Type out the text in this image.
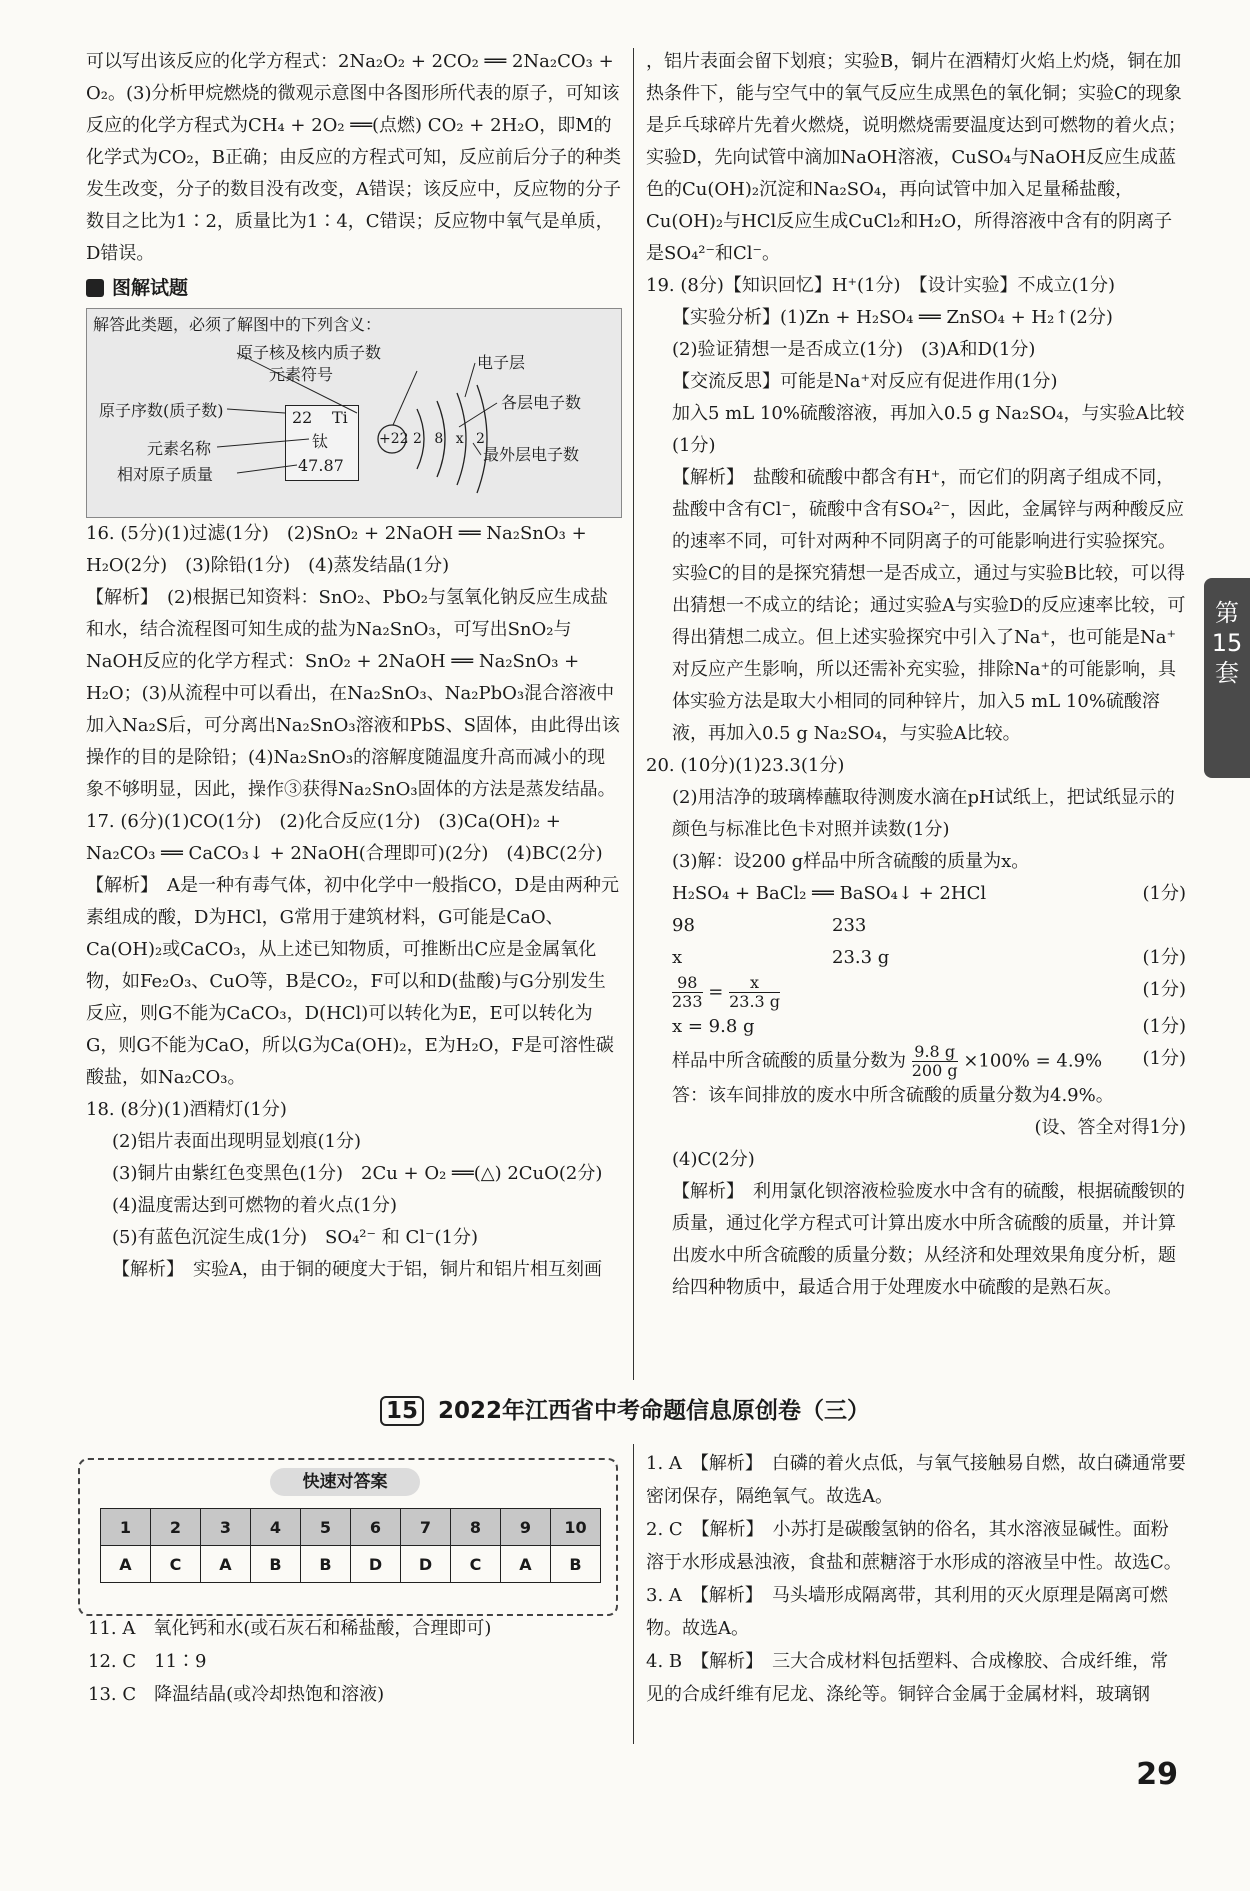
可以写出该反应的化学方程式：2Na₂O₂ + 2CO₂ ══ 2Na₂CO₃ + O₂。(3)分析甲烷燃烧的微观示意图中各图形所代表的原子，可知该反应的化学方程式为CH₄ + 2O₂ ══(点燃) CO₂ + 2H₂O，即M的化学式为CO₂，B正确；由反应的方程式可知，反应前后分子的种类发生改变，分子的数目没有改变，A错误；该反应中，反应物的分子数目之比为1∶2，质量比为1∶4，C错误；反应物中氧气是单质，D错误。

图解试题
解答此类题，必须了解图中的下列含义：
原子核及核内质子数
元素符号
原子序数(质子数)
元素名称
相对原子质量
电子层
各层电子数
最外层电子数
22 Ti
钛
47.87
+22 2 8 x 2

16. (5分)(1)过滤(1分)　(2)SnO₂ + 2NaOH ══ Na₂SnO₃ + H₂O(2分)　(3)除铅(1分)　(4)蒸发结晶(1分)

【解析】　(2)根据已知资料：SnO₂、PbO₂与氢氧化钠反应生成盐和水，结合流程图可知生成的盐为Na₂SnO₃，可写出SnO₂与NaOH反应的化学方程式：SnO₂ + 2NaOH ══ Na₂SnO₃ + H₂O；(3)从流程中可以看出，在Na₂SnO₃、Na₂PbO₃混合溶液中加入Na₂S后，可分离出Na₂SnO₃溶液和PbS、S固体，由此得出该操作的目的是除铅；(4)Na₂SnO₃的溶解度随温度升高而减小的现象不够明显，因此，操作③获得Na₂SnO₃固体的方法是蒸发结晶。

17. (6分)(1)CO(1分)　(2)化合反应(1分)　(3)Ca(OH)₂ + Na₂CO₃ ══ CaCO₃↓ + 2NaOH(合理即可)(2分)　(4)BC(2分)

【解析】　A是一种有毒气体，初中化学中一般指CO，D是由两种元素组成的酸，D为HCl，G常用于建筑材料，G可能是CaO、Ca(OH)₂或CaCO₃，从上述已知物质，可推断出C应是金属氧化物，如Fe₂O₃、CuO等，B是CO₂，F可以和D(盐酸)与G分别发生反应，则G不能为CaCO₃，D(HCl)可以转化为E，E可以转化为G，则G不能为CaO，所以G为Ca(OH)₂，E为H₂O，F是可溶性碳酸盐，如Na₂CO₃。

18. (8分)(1)酒精灯(1分)

(2)铝片表面出现明显划痕(1分)

(3)铜片由紫红色变黑色(1分)　2Cu + O₂ ══(△) 2CuO(2分)

(4)温度需达到可燃物的着火点(1分)

(5)有蓝色沉淀生成(1分)　SO₄²⁻ 和 Cl⁻(1分)

【解析】　实验A，由于铜的硬度大于铝，铜片和铝片相互刻画

，铝片表面会留下划痕；实验B，铜片在酒精灯火焰上灼烧，铜在加热条件下，能与空气中的氧气反应生成黑色的氧化铜；实验C的现象是乒乓球碎片先着火燃烧，说明燃烧需要温度达到可燃物的着火点；实验D，先向试管中滴加NaOH溶液，CuSO₄与NaOH反应生成蓝色的Cu(OH)₂沉淀和Na₂SO₄，再向试管中加入足量稀盐酸，Cu(OH)₂与HCl反应生成CuCl₂和H₂O，所得溶液中含有的阴离子是SO₄²⁻和Cl⁻。

19. (8分)【知识回忆】H⁺(1分)　【设计实验】不成立(1分)

【实验分析】(1)Zn + H₂SO₄ ══ ZnSO₄ + H₂↑(2分)

(2)验证猜想一是否成立(1分)　(3)A和D(1分)

【交流反思】可能是Na⁺对反应有促进作用(1分)

加入5 mL 10%硫酸溶液，再加入0.5 g Na₂SO₄，与实验A比较(1分)

【解析】　盐酸和硫酸中都含有H⁺，而它们的阴离子组成不同，盐酸中含有Cl⁻，硫酸中含有SO₄²⁻，因此，金属锌与两种酸反应的速率不同，可针对两种不同阴离子的可能影响进行实验探究。实验C的目的是探究猜想一是否成立，通过与实验B比较，可以得出猜想一不成立的结论；通过实验A与实验D的反应速率比较，可得出猜想二成立。但上述实验探究中引入了Na⁺，也可能是Na⁺对反应产生影响，所以还需补充实验，排除Na⁺的可能影响，具体实验方法是取大小相同的同种锌片，加入5 mL 10%硫酸溶液，再加入0.5 g Na₂SO₄，与实验A比较。

20. (10分)(1)23.3(1分)

(2)用洁净的玻璃棒蘸取待测废水滴在pH试纸上，把试纸显示的颜色与标准比色卡对照并读数(1分)

(3)解：设200 g样品中所含硫酸的质量为x。

H₂SO₄ + BaCl₂ ══ BaSO₄↓ + 2HCl	(1分)
98	233
x	23.3 g	(1分)
$\frac{98}{233} = \frac{x}{23.3 g}$	(1分)
x = 9.8 g	(1分)
样品中所含硫酸的质量分数为 $\frac{9.8 g}{200 g} \times 100\% = 4.9\%$ (1分)

答：该车间排放的废水中所含硫酸的质量分数为4.9%。

(设、答全对得1分)

(4)C(2分)

【解析】　利用氯化钡溶液检验废水中含有的硫酸，根据硫酸钡的质量，通过化学方程式可计算出废水中所含硫酸的质量，并计算出废水中所含硫酸的质量分数；从经济和处理效果角度分析，题给四种物质中，最适合用于处理废水中硫酸的是熟石灰。

第
15
套
15 2022年江西省中考命题信息原创卷（三）
快速对答案
1	2	3	4	5	6	7	8	9	10
A	C	A	B	B	D	D	C	A	B
11. A　氧化钙和水(或石灰石和稀盐酸，合理即可)
12. C　11∶9
13. C　降温结晶(或冷却热饱和溶液)

1. A　【解析】　白磷的着火点低，与氧气接触易自燃，故白磷通常要密闭保存，隔绝氧气。故选A。

2. C　【解析】　小苏打是碳酸氢钠的俗名，其水溶液显碱性。面粉溶于水形成悬浊液，食盐和蔗糖溶于水形成的溶液呈中性。故选C。

3. A　【解析】　马头墙形成隔离带，其利用的灭火原理是隔离可燃物。故选A。

4. B　【解析】　三大合成材料包括塑料、合成橡胶、合成纤维，常见的合成纤维有尼龙、涤纶等。铜锌合金属于金属材料，玻璃钢

29
